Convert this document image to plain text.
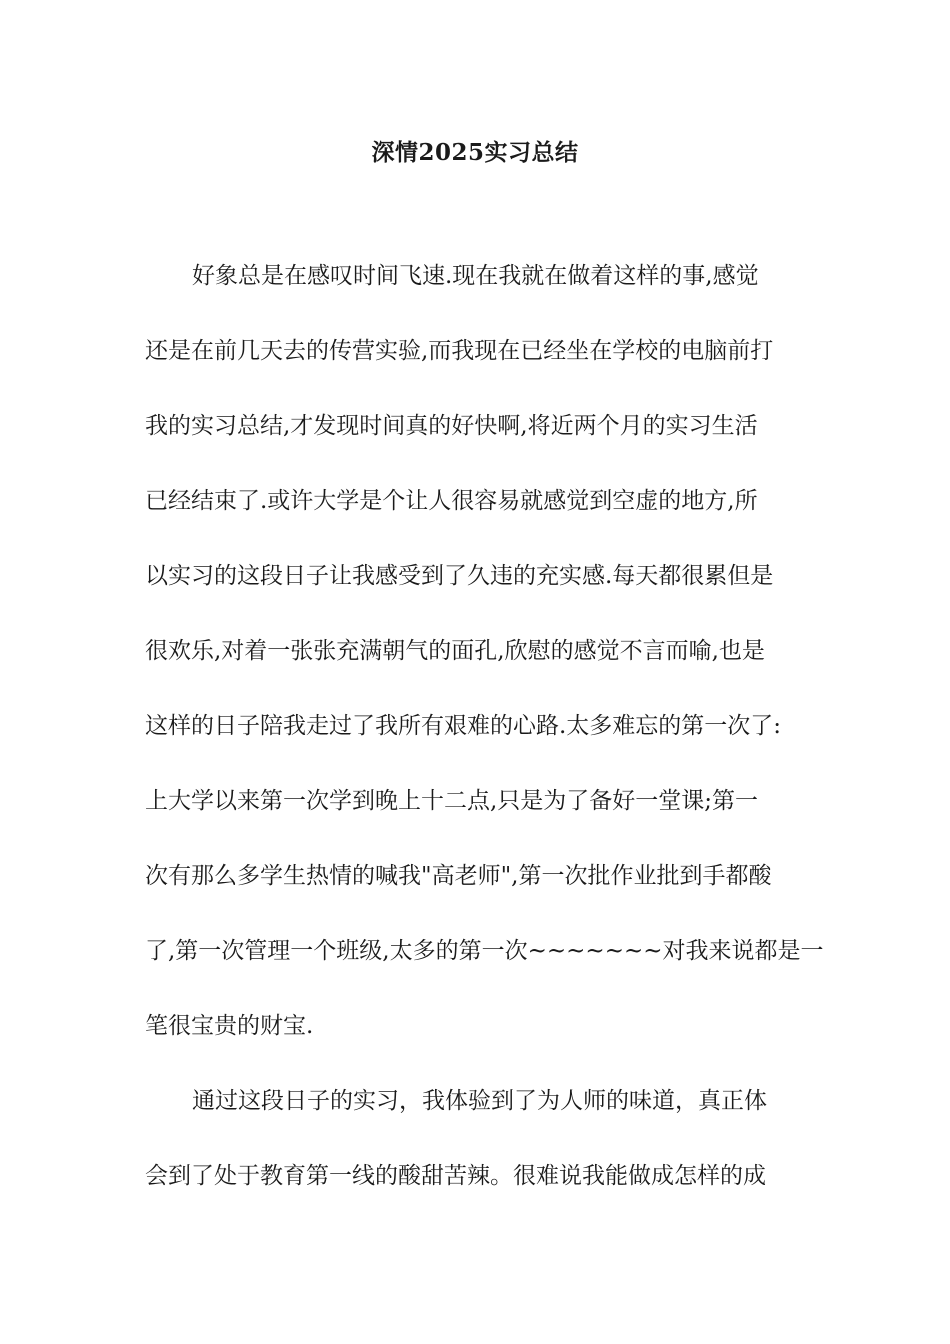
深情2025实习总结
好象总是在感叹时间飞速.现在我就在做着这样的事,感觉
还是在前几天去的传营实验,而我现在已经坐在学校的电脑前打
我的实习总结,才发现时间真的好快啊,将近两个月的实习生活
已经结束了.或许大学是个让人很容易就感觉到空虚的地方,所
以实习的这段日子让我感受到了久违的充实感.每天都很累但是
很欢乐,对着一张张充满朝气的面孔,欣慰的感觉不言而喻,也是
这样的日子陪我走过了我所有艰难的心路.太多难忘的第一次了:
上大学以来第一次学到晚上十二点,只是为了备好一堂课;第一
次有那么多学生热情的喊我"高老师",第一次批作业批到手都酸
了,第一次管理一个班级,太多的第一次~~~~~~~对我来说都是一
笔很宝贵的财宝.
通过这段日子的实习，我体验到了为人师的味道，真正体
会到了处于教育第一线的酸甜苦辣。很难说我能做成怎样的成
